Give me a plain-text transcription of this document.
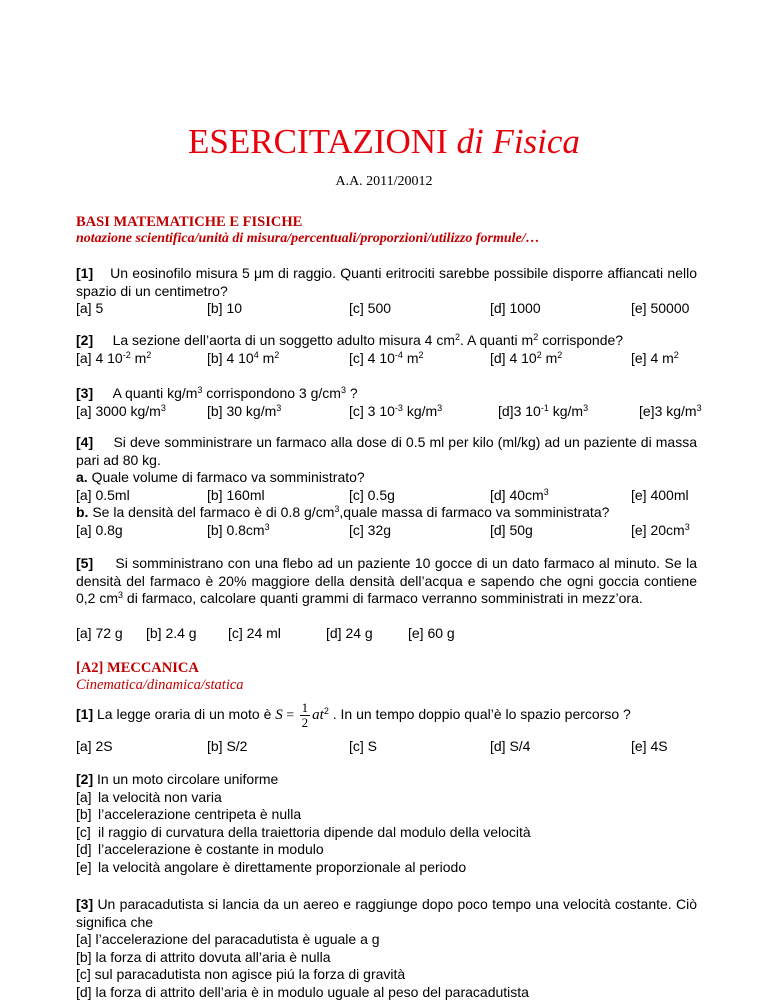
ESERCITAZIONI di Fisica
A.A. 2011/20012
BASI MATEMATICHE E FISICHE
notazione scientifica/unità di misura/percentuali/proporzioni/utilizzo formule/…
[1] Un eosinofilo misura 5 μm di raggio. Quanti eritrociti sarebbe possibile disporre affiancati nello spazio di un centimetro?
[a] 5	[b] 10	[c] 500	[d] 1000	[e] 50000
[2] La sezione dell’aorta di un soggetto adulto misura 4 $cm^2$. A quanti $m^2$ corrisponde?
[a] 4 $10^{-2}$ $m^2$	[b] 4 $10^4$ $m^2$	[c] 4 $10^{-4}$ $m^2$	[d] 4 $10^2$ $m^2$	[e] 4 $m^2$
[3] A quanti $kg/m^3$ corrispondono 3 $g/cm^3$ ?
[a] 3000 $kg/m^3$	[b] 30 $kg/m^3$	[c] 3 $10^{-3}$ $kg/m^3$	[d]3 $10^{-1}$ $kg/m^3$	[e]3 $kg/m^3$
[4] Si deve somministrare un farmaco alla dose di 0.5 ml per kilo (ml/kg) ad un paziente di massa pari ad 80 kg.
a. Quale volume di farmaco va somministrato?
[a] 0.5ml	[b] 160ml	[c] 0.5g	[d] $40cm^3$	[e] 400ml
b. Se la densità del farmaco è di 0.8 $g/cm^3,quale$ massa di farmaco va somministrata?
[a] 0.8g	[b] $0.8cm^3$	[c] 32g	[d] 50g	[e] $20cm^3$
[5] Si somministrano con una flebo ad un paziente 10 gocce di un dato farmaco al minuto. Se la densità del farmaco è 20% maggiore della densità dell’acqua e sapendo che ogni goccia contiene 0,2 $cm^3$ di farmaco, calcolare quanti grammi di farmaco verranno somministrati in mezz’ora.
[a] 72 g [b] 2.4 g [c] 24 ml	[d] 24 g	[e] 60 g
[A2] MECCANICA
Cinematica/dinamica/statica
[1] La legge oraria di un moto è $S = \frac{1}{2} at^2$ . In un tempo doppio qual’è lo spazio percorso ?
[a] 2S	[b] S/2	[c] S	[d] S/4	[e] 4S
[2] In un moto circolare uniforme
[a] la velocità non varia
[b] l’accelerazione centripeta è nulla
[c] il raggio di curvatura della traiettoria dipende dal modulo della velocità
[d] l’accelerazione è costante in modulo
[e] la velocità angolare è direttamente proporzionale al periodo
[3] Un paracadutista si lancia da un aereo e raggiunge dopo poco tempo una velocità costante. Ciò significa che
[a] l’accelerazione del paracadutista è uguale a g
[b] la forza di attrito dovuta all’aria è nulla
[c] sul paracadutista non agisce piú la forza di gravità
[d] la forza di attrito dell’aria è in modulo uguale al peso del paracadutista
